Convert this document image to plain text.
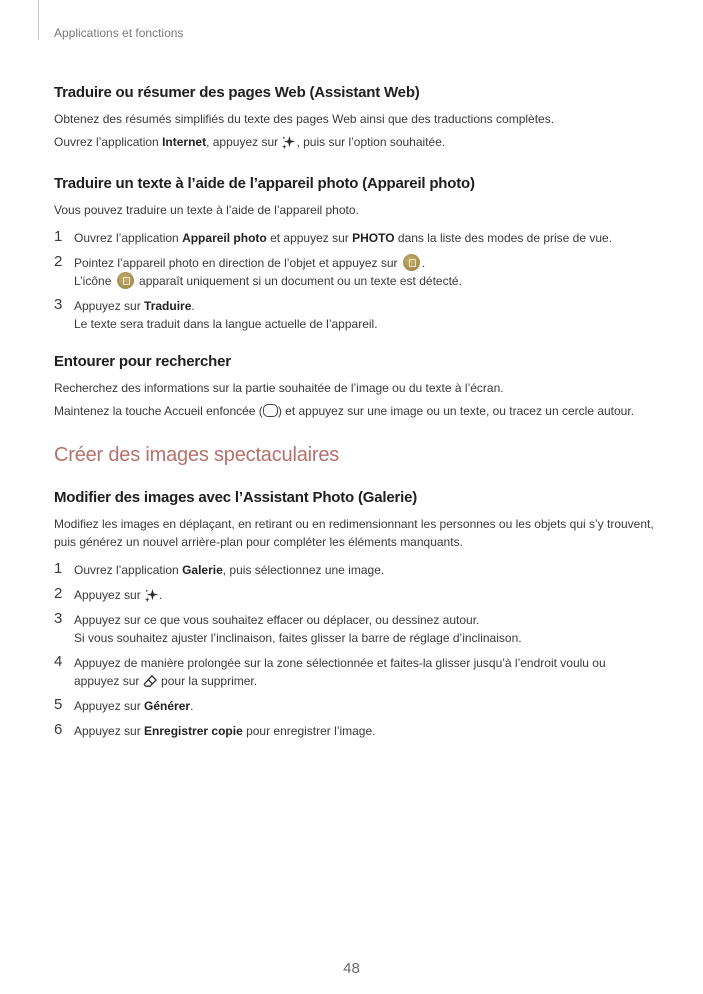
Applications et fonctions
Traduire ou résumer des pages Web (Assistant Web)

Obtenez des résumés simplifiés du texte des pages Web ainsi que des traductions complètes.

Ouvrez l’application Internet, appuyez sur , puis sur l’option souhaitée.

Traduire un texte à l’aide de l’appareil photo (Appareil photo)

Vous pouvez traduire un texte à l’aide de l’appareil photo.

1 Ouvrez l’application Appareil photo et appuyez sur PHOTO dans la liste des modes de prise de vue.
2 Pointez l’appareil photo en direction de l’objet et appuyez sur .
L’icône  apparaît uniquement si un document ou un texte est détecté.
3 Appuyez sur Traduire.
Le texte sera traduit dans la langue actuelle de l’appareil.
Entourer pour rechercher

Recherchez des informations sur la partie souhaitée de l’image ou du texte à l’écran.

Maintenez la touche Accueil enfoncée ( ) et appuyez sur une image ou un texte, ou tracez un cercle autour.

Créer des images spectaculaires
Modifier des images avec l’Assistant Photo (Galerie)

Modifiez les images en déplaçant, en retirant ou en redimensionnant les personnes ou les objets qui s’y trouvent, puis générez un nouvel arrière-plan pour compléter les éléments manquants.

1 Ouvrez l’application Galerie, puis sélectionnez une image.
2 Appuyez sur .
3 Appuyez sur ce que vous souhaitez effacer ou déplacer, ou dessinez autour.
Si vous souhaitez ajuster l’inclinaison, faites glisser la barre de réglage d’inclinaison.
4 Appuyez de manière prolongée sur la zone sélectionnée et faites-la glisser jusqu’à l’endroit voulu ou appuyez sur  pour la supprimer.
5 Appuyez sur Générer.
6 Appuyez sur Enregistrer copie pour enregistrer l’image.
48
